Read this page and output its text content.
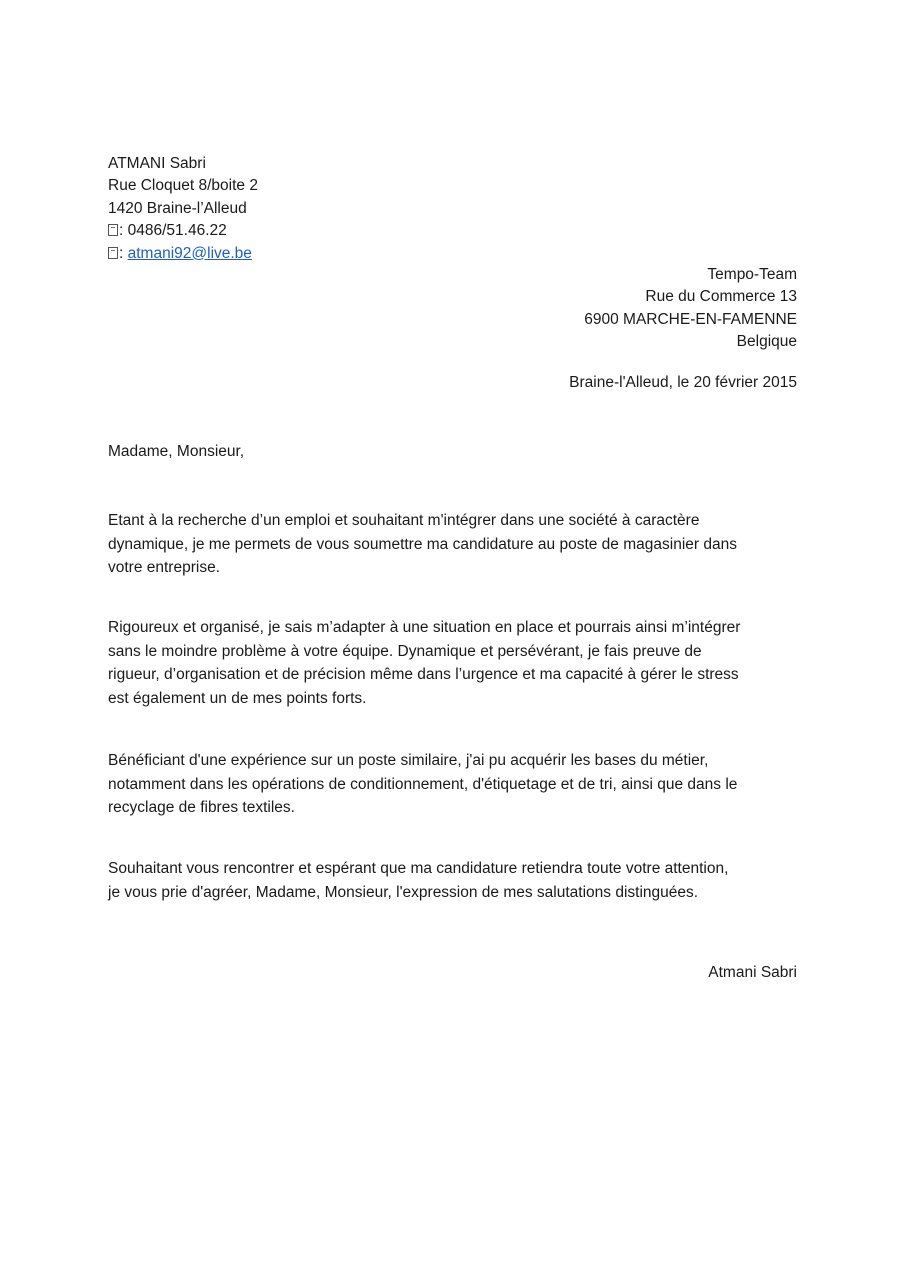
ATMANI Sabri
Rue Cloquet 8/boite 2
1420 Braine-l’Alleud
: 0486/51.46.22
: atmani92@live.be
Tempo-Team
Rue du Commerce 13
6900 MARCHE-EN-FAMENNE
Belgique
Braine-l'Alleud, le 20 février 2015
Madame, Monsieur,
Etant à la recherche d’un emploi et souhaitant m'intégrer dans une société à caractère
dynamique, je me permets de vous soumettre ma candidature au poste de magasinier dans
votre entreprise.
Rigoureux et organisé, je sais m’adapter à une situation en place et pourrais ainsi m’intégrer
sans le moindre problème à votre équipe. Dynamique et persévérant, je fais preuve de
rigueur, d’organisation et de précision même dans l’urgence et ma capacité à gérer le stress
est également un de mes points forts.
Bénéficiant d'une expérience sur un poste similaire, j'ai pu acquérir les bases du métier,
notamment dans les opérations de conditionnement, d'étiquetage et de tri, ainsi que dans le
recyclage de fibres textiles.
Souhaitant vous rencontrer et espérant que ma candidature retiendra toute votre attention,
je vous prie d'agréer, Madame, Monsieur, l'expression de mes salutations distinguées.
Atmani Sabri
